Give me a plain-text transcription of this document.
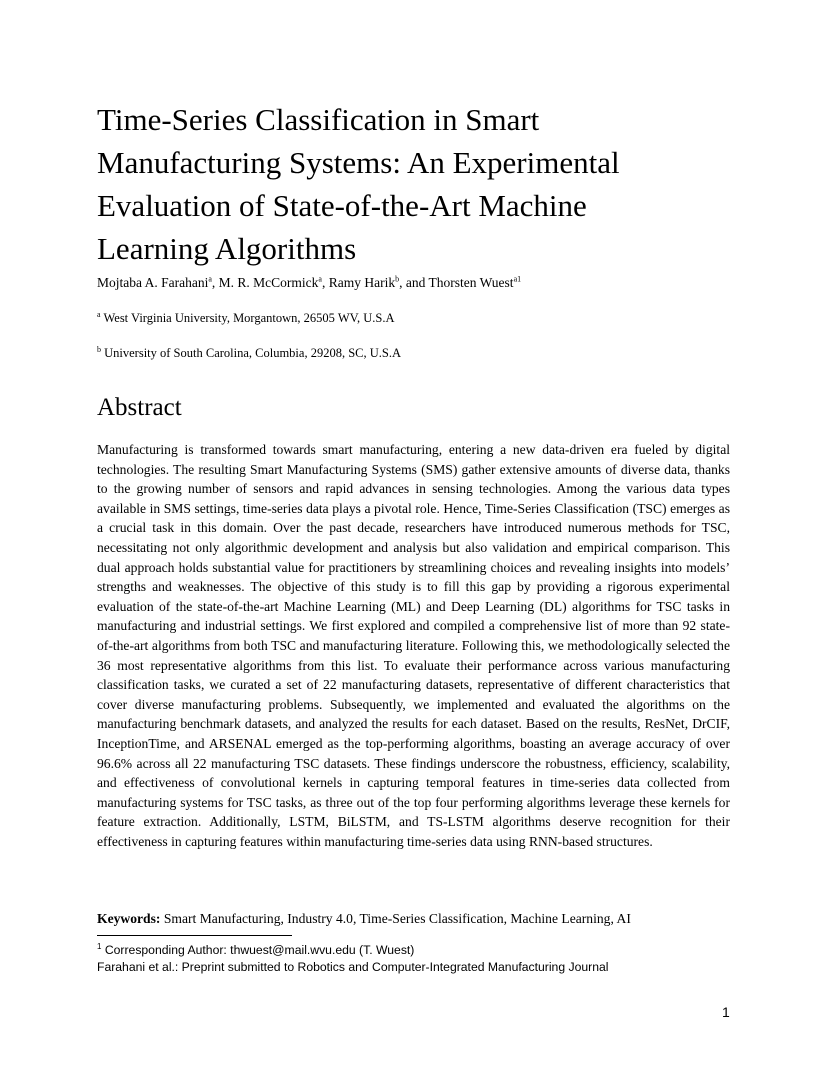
Time-Series Classification in Smart
Manufacturing Systems: An Experimental
Evaluation of State-of-the-Art Machine
Learning Algorithms
Mojtaba A. Farahani$^a$, M. R. McCormick$^a$, Ramy Harik$^b$, and Thorsten Wuest$^{a1}$
$^a$ West Virginia University, Morgantown, 26505 WV, U.S.A
$^b$ University of South Carolina, Columbia, 29208, SC, U.S.A
Abstract

Manufacturing is transformed towards smart manufacturing, entering a new data-driven era fueled by digital technologies. The resulting Smart Manufacturing Systems (SMS) gather extensive amounts of diverse data, thanks to the growing number of sensors and rapid advances in sensing technologies. Among the various data types available in SMS settings, time-series data plays a pivotal role. Hence, Time-Series Classification (TSC) emerges as a crucial task in this domain. Over the past decade, researchers have introduced numerous methods for TSC, necessitating not only algorithmic development and analysis but also validation and empirical comparison. This dual approach holds substantial value for practitioners by streamlining choices and revealing insights into models’ strengths and weaknesses. The objective of this study is to fill this gap by providing a rigorous experimental evaluation of the state-of-the-art Machine Learning (ML) and Deep Learning (DL) algorithms for TSC tasks in manufacturing and industrial settings. We first explored and compiled a comprehensive list of more than 92 state-of-the-art algorithms from both TSC and manufacturing literature. Following this, we methodologically selected the 36 most representative algorithms from this list. To evaluate their performance across various manufacturing classification tasks, we curated a set of 22 manufacturing datasets, representative of different characteristics that cover diverse manufacturing problems. Subsequently, we implemented and evaluated the algorithms on the manufacturing benchmark datasets, and analyzed the results for each dataset. Based on the results, ResNet, DrCIF, InceptionTime, and ARSENAL emerged as the top-performing algorithms, boasting an average accuracy of over 96.6% across all 22 manufacturing TSC datasets. These findings underscore the robustness, efficiency, scalability, and effectiveness of convolutional kernels in capturing temporal features in time-series data collected from manufacturing systems for TSC tasks, as three out of the top four performing algorithms leverage these kernels for feature extraction. Additionally, LSTM, BiLSTM, and TS-LSTM algorithms deserve recognition for their effectiveness in capturing features within manufacturing time-series data using RNN-based structures.

Keywords: Smart Manufacturing, Industry 4.0, Time-Series Classification, Machine Learning, AI
$^1$ Corresponding Author: thwuest@mail.wvu.edu (T. Wuest)
Farahani et al.: Preprint submitted to Robotics and Computer-Integrated Manufacturing Journal
1
